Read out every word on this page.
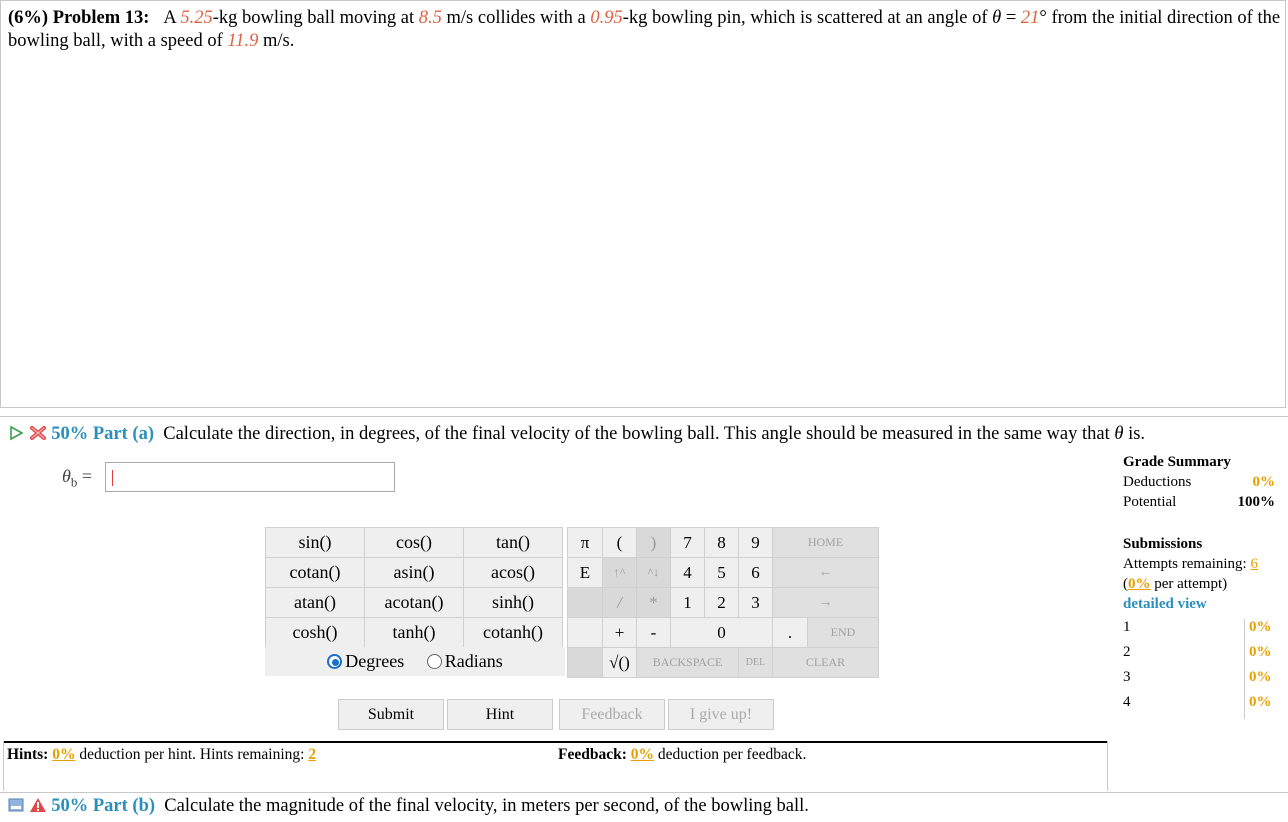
(6%) Problem 13: A 5.25-kg bowling ball moving at 8.5 m/s collides with a 0.95-kg bowling pin, which is scattered at an angle of θ = 21° from the initial direction of the bowling ball, with a speed of 11.9 m/s.
50% Part (a) Calculate the direction, in degrees, of the final velocity of the bowling ball. This angle should be measured in the same way that θ is.
$\theta_b$ =
sin()	cos()	tan()
cotan()	asin()	acos()
atan()	acotan()	sinh()
cosh()	tanh()	cotanh()
Degrees Radians
π	(	)	7	8	9	HOME	
E	↑^	^↓	4	5	6	←	
	/	*	1	2	3	→	
	+	-	0			.	END
	√()	BACKSPACE			DEL	CLEAR	
Submit	Hint	Feedback	I give up!
Grade Summary
Deductions	0%
Potential	100%
Submissions
Attempts remaining: 6
(0% per attempt)
detailed view
1	0%
2	0%
3	0%
4	0%
Hints: 0% deduction per hint. Hints remaining: 2	Feedback: 0% deduction per feedback.
50% Part (b) Calculate the magnitude of the final velocity, in meters per second, of the bowling ball.
